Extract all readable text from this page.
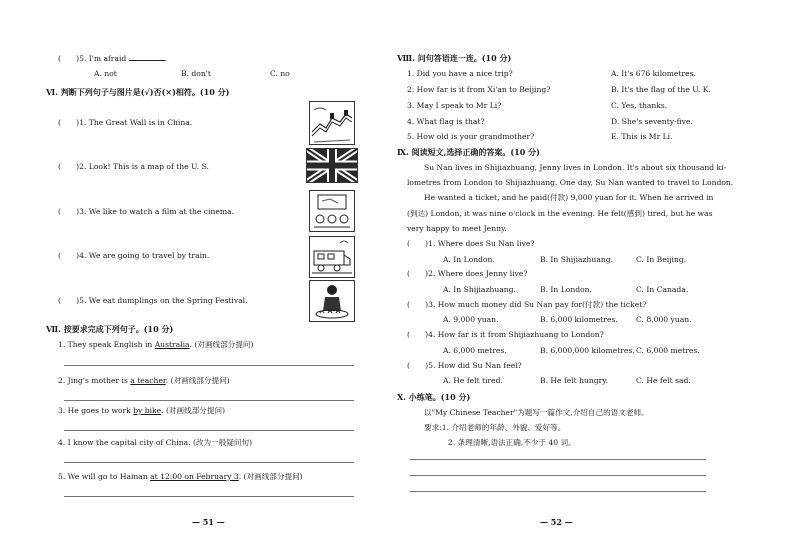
(　　)5. I'm afraid	.
A. not	B. don't	C. no
Ⅵ. 判断下列句子与图片是(√)否(×)相符。(10 分)
(　　)1. The Great Wall is in China.
(　　)2. Look! This is a map of the U. S.
(　　)3. We like to watch a film at the cinema.
(　　)4. We are going to travel by train.
(　　)5. We eat dumplings on the Spring Festival.
Ⅶ. 按要求完成下列句子。(10 分)
1. They speak English in Australia. (对画线部分提问)
2. Jing's mother is a teacher. (对画线部分提问)
3. He goes to work by bike. (对画线部分提问)
4. I know the capital city of China. (改为一般疑问句)
5. We will go to Hainan at 12:00 on February 3. (对画线部分提问)
— 51 —
Ⅷ. 问句答语连一连。(10 分)
1. Did you have a nice trip?
2. How far is it from Xi'an to Beijing?
3. May I speak to Mr Li?
4. What flag is that?
5. How old is your grandmother?
A. It's 676 kilometres.
B. It's the flag of the U. K.
C. Yes, thanks.
D. She's seventy-five.
E. This is Mr Li.
Ⅸ. 阅读短文,选择正确的答案。(10 分)
Su Nan lives in Shijiazhuang, Jenny lives in London. It's about six thousand ki-
lometres from London to Shijiazhuang. One day, Su Nan wanted to travel to London.
He wanted a ticket, and he paid(付款) 9,000 yuan for it. When he arrived in
(到达) London, it was nine o'clock in the evening. He felt(感到) tired, but he was
very happy to meet Jenny.
(　　)1. Where does Su Nan live?
A. In London.	B. In Shijiazhuang.	C. In Beijing.
(　　)2. Where does Jenny live?
A. In Shijiazhuang.	B. In London.	C. In Canada.
(　　)3. How much money did Su Nan pay for(付款) the ticket?
A. 9,000 yuan.	B. 6,000 kilometres. C. 8,000 yuan.
(　　)4. How far is it from Shijiazhuang to London?
A. 6,000 metres.	B. 6,000,000 kilometres. C. 6,000 metres.
(　　)5. How did Su Nan feel?
A. He felt tired.	B. He felt hungry.	C. He felt sad.
Ⅹ. 小练笔。(10 分)
以"My Chinese Teacher"为题写一篇作文,介绍自己的语文老师。
要求:1. 介绍老师的年龄、外貌、爱好等。
2. 条理清晰,语法正确,不少于 40 词。
— 52 —
